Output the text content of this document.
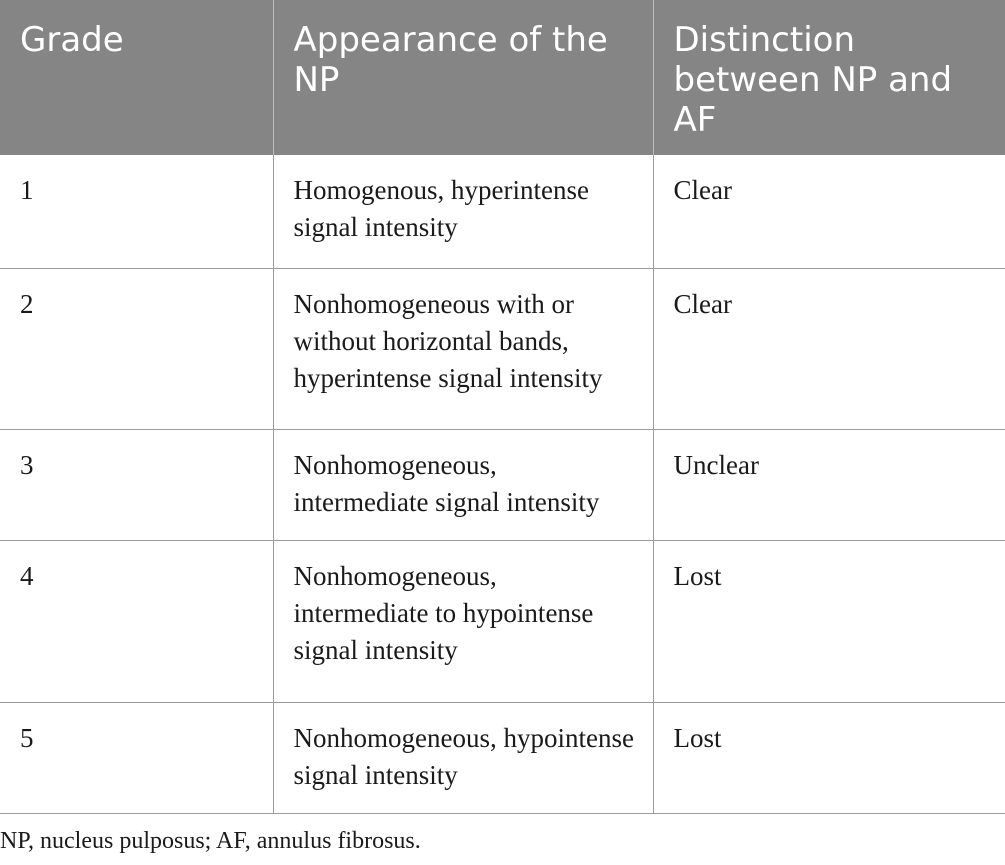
Grade	Appearance of the NP	Distinction between NP and AF
1	Homogenous, hyperintense signal intensity	Clear
2	Nonhomogeneous with or without horizontal bands, hyperintense signal intensity	Clear
3	Nonhomogeneous, intermediate signal intensity	Unclear
4	Nonhomogeneous, intermediate to hypointense signal intensity	Lost
5	Nonhomogeneous, hypointense signal intensity	Lost

NP, nucleus pulposus; AF, annulus fibrosus.
